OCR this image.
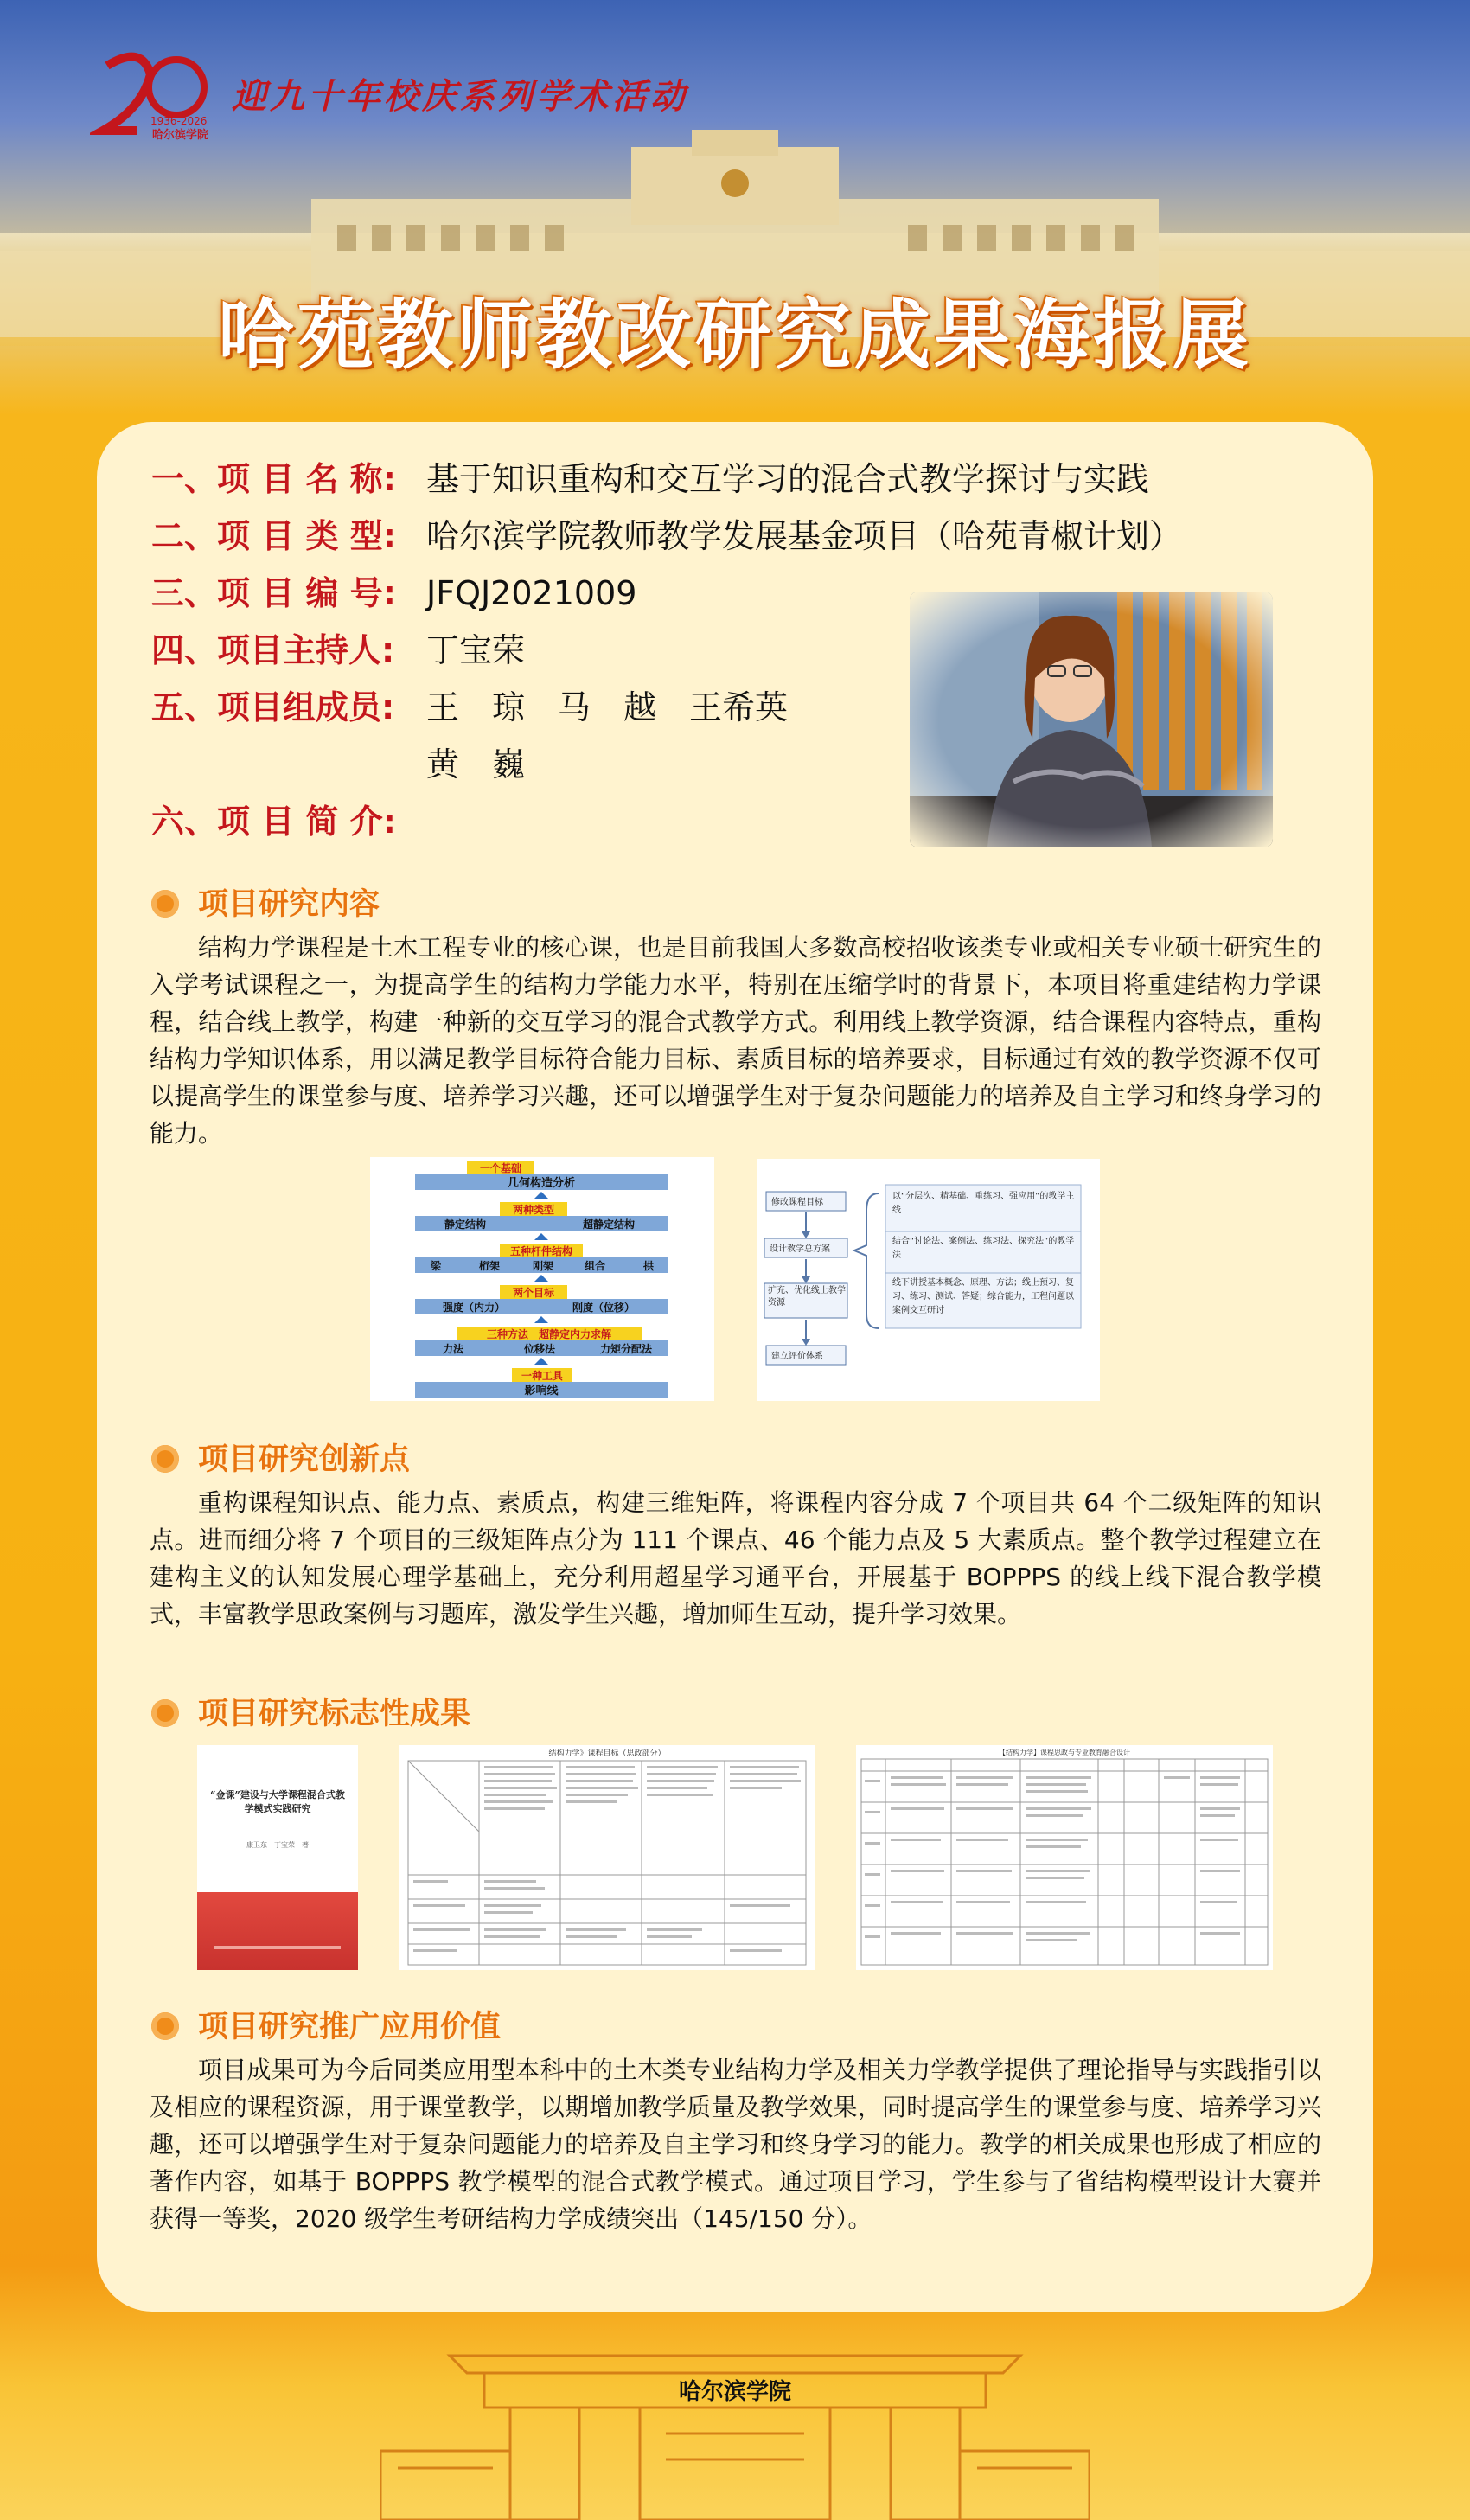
1936-2026
哈尔滨学院
迎九十年校庆系列学术活动
哈苑教师教改研究成果海报展
一、项 目 名 称: 基于知识重构和交互学习的混合式教学探讨与实践
二、项 目 类 型: 哈尔滨学院教师教学发展基金项目（哈苑青椒计划）
三、项 目 编 号: JFQJ2021009
四、项目主持人: 丁宝荣
五、项目组成员: 王　琼　马　越　王希英
黄　巍
六、项 目 简 介:
项目研究内容

结构力学课程是土木工程专业的核心课，也是目前我国大多数高校招收该类专业或相关专业硕士研究生的入学考试课程之一，为提高学生的结构力学能力水平，特别在压缩学时的背景下，本项目将重建结构力学课程，结合线上教学，构建一种新的交互学习的混合式教学方式。利用线上教学资源，结合课程内容特点，重构结构力学知识体系，用以满足教学目标符合能力目标、素质目标的培养要求，目标通过有效的教学资源不仅可以提高学生的课堂参与度、培养学习兴趣，还可以增强学生对于复杂问题能力的培养及自主学习和终身学习的能力。

一个基础
几何构造分析
两种类型
静定结构	超静定结构
五种杆件结构
梁	桁架	刚架	组合	拱
两个目标
强度（内力）	刚度（位移）
三种方法　超静定内力求解
力法	位移法	力矩分配法
一种工具
影响线
修改课程目标
设计教学总方案
扩充、优化线上教学资源
建立评价体系
以“分层次、精基础、重练习、强应用”的教学主线
结合“讨论法、案例法、练习法、探究法”的教学法
线下讲授基本概念、原理、方法；线上预习、复习、练习、测试、答疑；综合能力，工程问题以案例交互研讨
项目研究创新点

重构课程知识点、能力点、素质点，构建三维矩阵，将课程内容分成 7 个项目共 64 个二级矩阵的知识点。进而细分将 7 个项目的三级矩阵点分为 111 个课点、46 个能力点及 5 大素质点。整个教学过程建立在建构主义的认知发展心理学基础上，充分利用超星学习通平台，开展基于 BOPPPS 的线上线下混合教学模式，丰富教学思政案例与习题库，激发学生兴趣，增加师生互动，提升学习效果。

项目研究标志性成果
“金课”建设与大学课程混合式教学模式实践研究
康卫东　丁宝荣　著
结构力学》课程目标（思政部分）	【结构力学】课程思政与专业教育融合设计
项目研究推广应用价值

项目成果可为今后同类应用型本科中的土木类专业结构力学及相关力学教学提供了理论指导与实践指引以及相应的课程资源，用于课堂教学，以期增加教学质量及教学效果，同时提高学生的课堂参与度、培养学习兴趣，还可以增强学生对于复杂问题能力的培养及自主学习和终身学习的能力。教学的相关成果也形成了相应的著作内容，如基于 BOPPPS 教学模型的混合式教学模式。通过项目学习，学生参与了省结构模型设计大赛并获得一等奖，2020 级学生考研结构力学成绩突出（145/150 分）。

哈尔滨学院
